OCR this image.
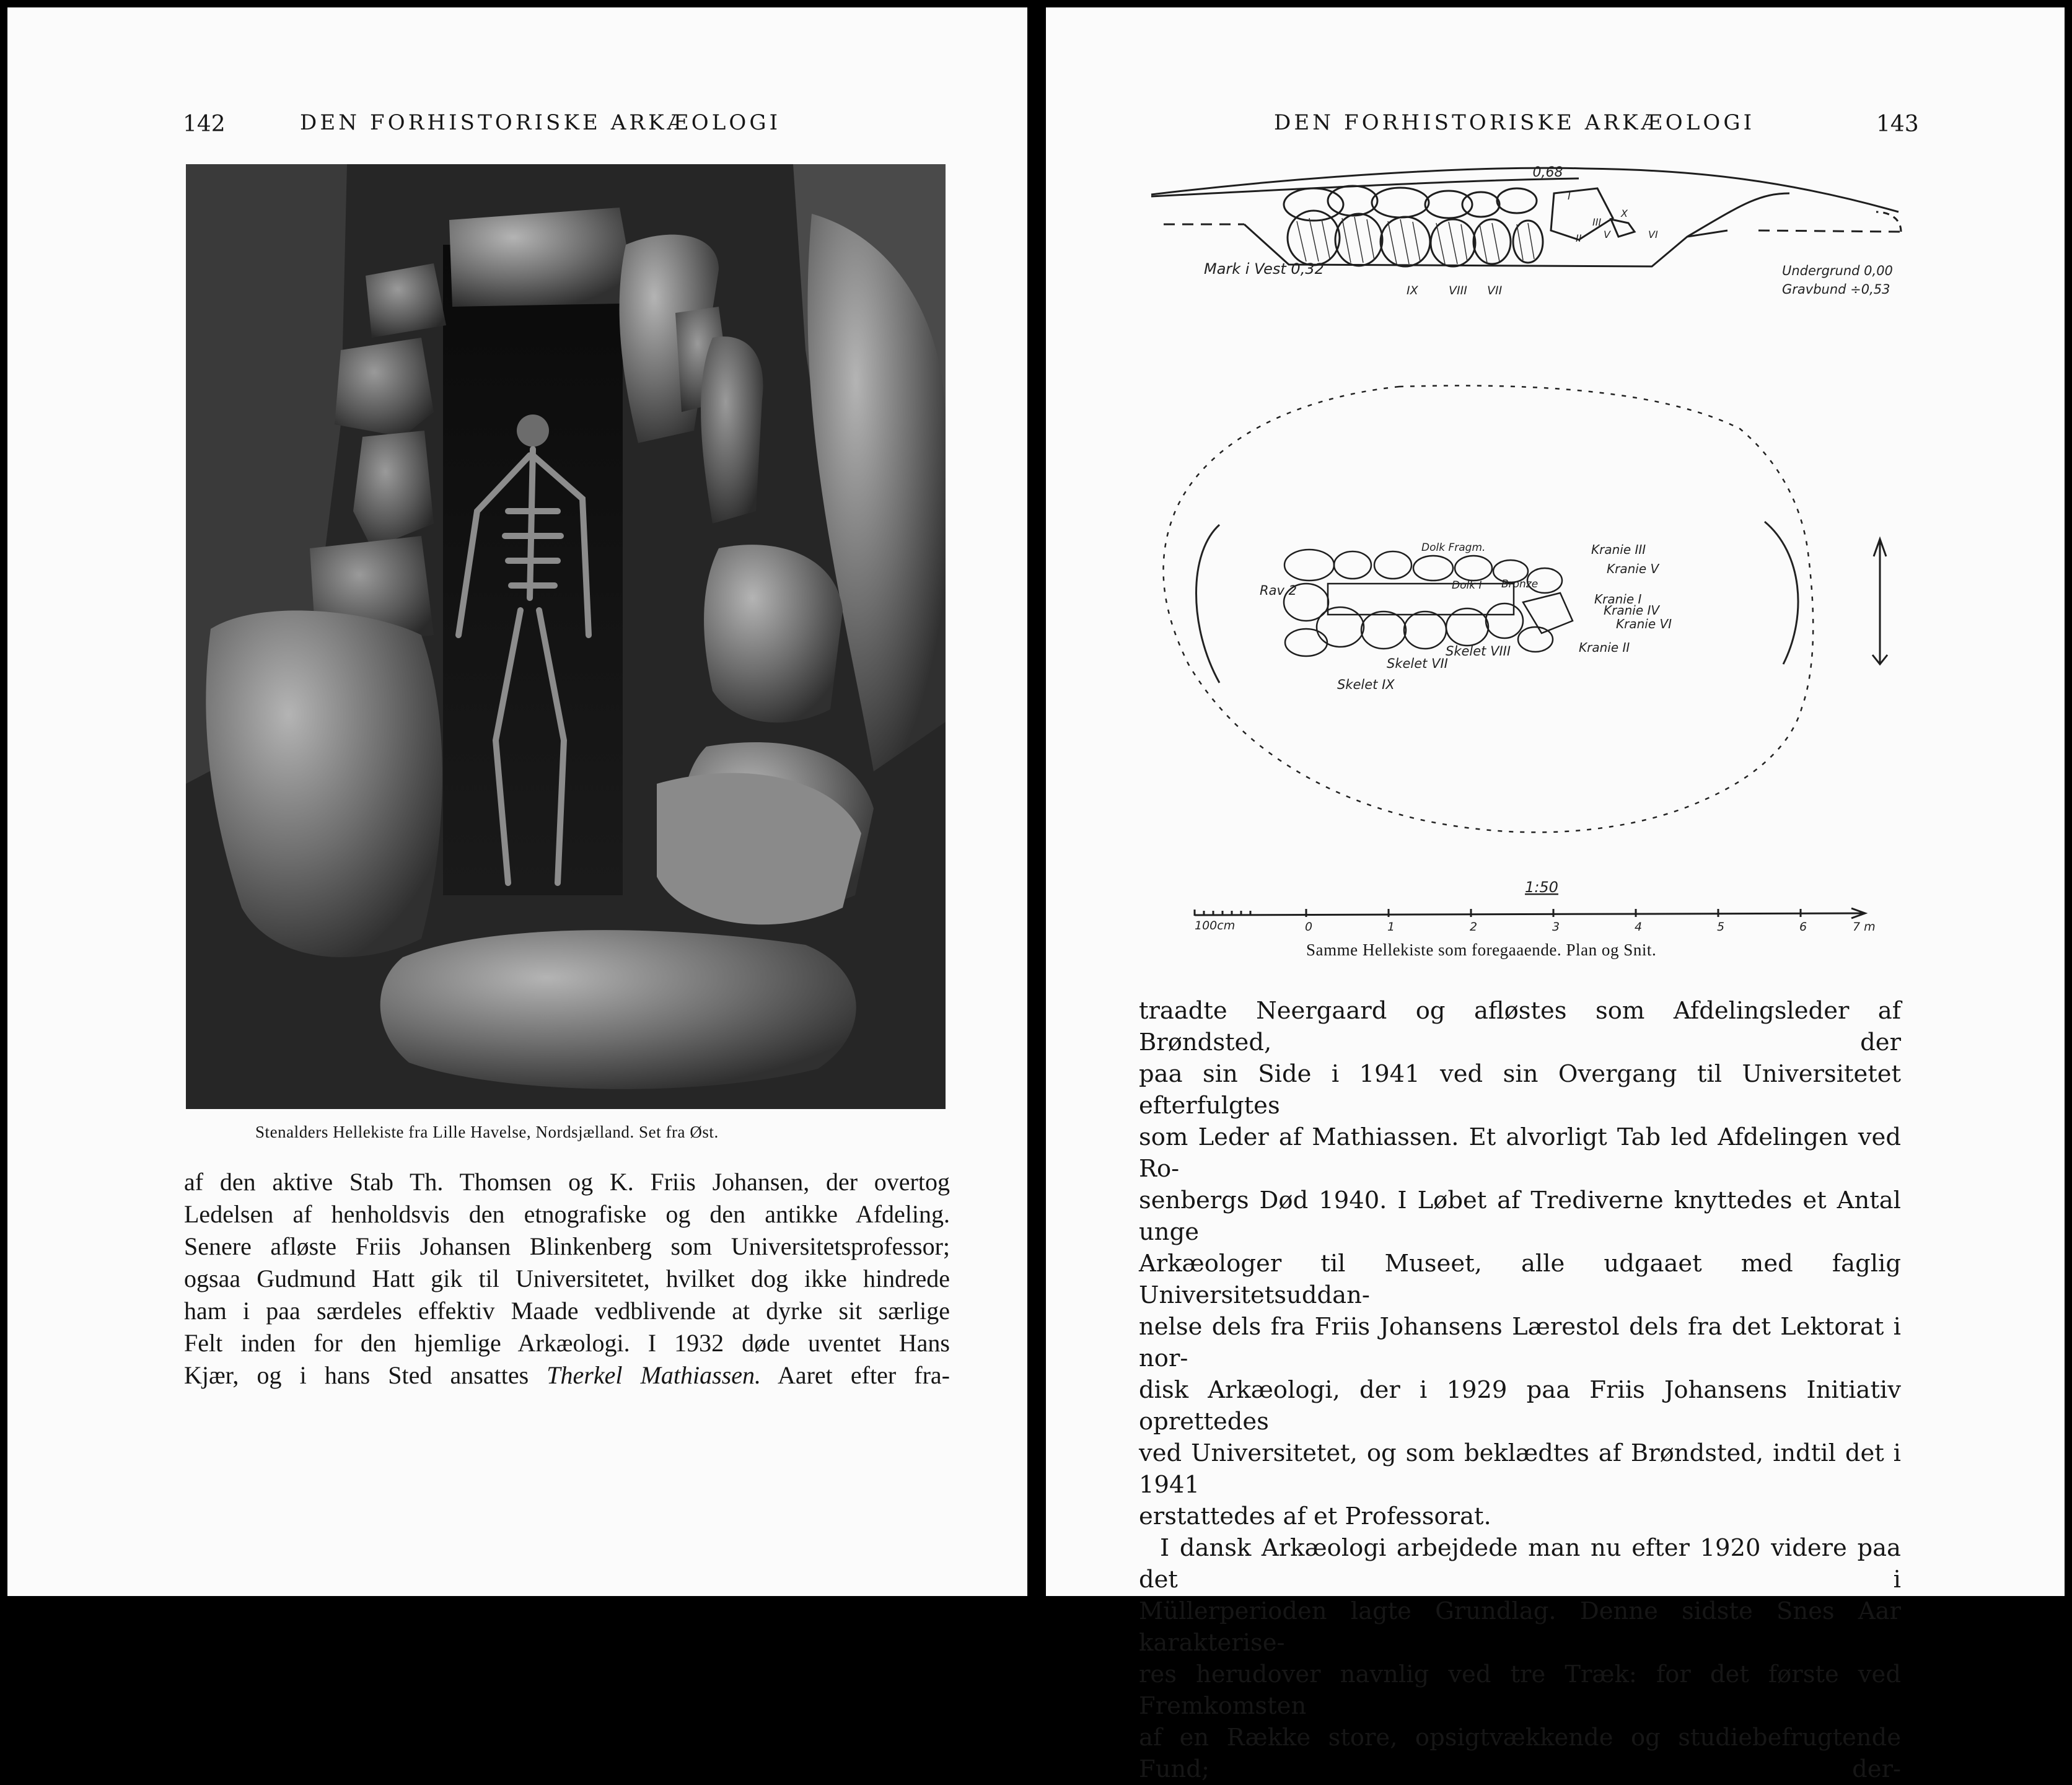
142	DEN FORHISTORISKE ARKÆOLOGI
Stenalders Hellekiste fra Lille Havelse, Nordsjælland. Set fra Øst.

af den aktive Stab Th. Thomsen og K. Friis Johansen, der overtog

Ledelsen af henholdsvis den etnografiske og den antikke Afdeling.

Senere afløste Friis Johansen Blinkenberg som Universitetsprofessor;

ogsaa Gudmund Hatt gik til Universitetet, hvilket dog ikke hindrede

ham i paa særdeles effektiv Maade vedblivende at dyrke sit særlige

Felt inden for den hjemlige Arkæologi. I 1932 døde uventet Hans

Kjær, og i hans Sted ansattes Therkel Mathiassen. Aaret efter fra-

DEN FORHISTORISKE ARKÆOLOGI	143
0,68
Mark i Vest 0,32	Undergrund 0,00
Gravbund ÷0,53
IX	VIII VII
I
X
III
V
II	VI
Dolk Fragm.
Dolk I Bronze
Rav 2
Kranie III
Kranie V
Kranie I
Kranie IV
Kranie VI
Kranie II
Skelet VIII
Skelet VII
Skelet IX
1:50
100cm	0	1	2	3	4	5	6	7 m
Samme Hellekiste som foregaaende. Plan og Snit.

traadte Neergaard og afløstes som Afdelingsleder af Brøndsted, der

paa sin Side i 1941 ved sin Overgang til Universitetet efterfulgtes

som Leder af Mathiassen. Et alvorligt Tab led Afdelingen ved Ro-

senbergs Død 1940. I Løbet af Trediverne knyttedes et Antal unge

Arkæologer til Museet, alle udgaaet med faglig Universitetsuddan-

nelse dels fra Friis Johansens Lærestol dels fra det Lektorat i nor-

disk Arkæologi, der i 1929 paa Friis Johansens Initiativ oprettedes

ved Universitetet, og som beklædtes af Brøndsted, indtil det i 1941

erstattedes af et Professorat.

I dansk Arkæologi arbejdede man nu efter 1920 videre paa det i

Müllerperioden lagte Grundlag. Denne sidste Snes Aar karakterise-

res herudover navnlig ved tre Træk: for det første ved Fremkomsten

af en Række store, opsigtvækkende og studiebefrugtende Fund; der-
